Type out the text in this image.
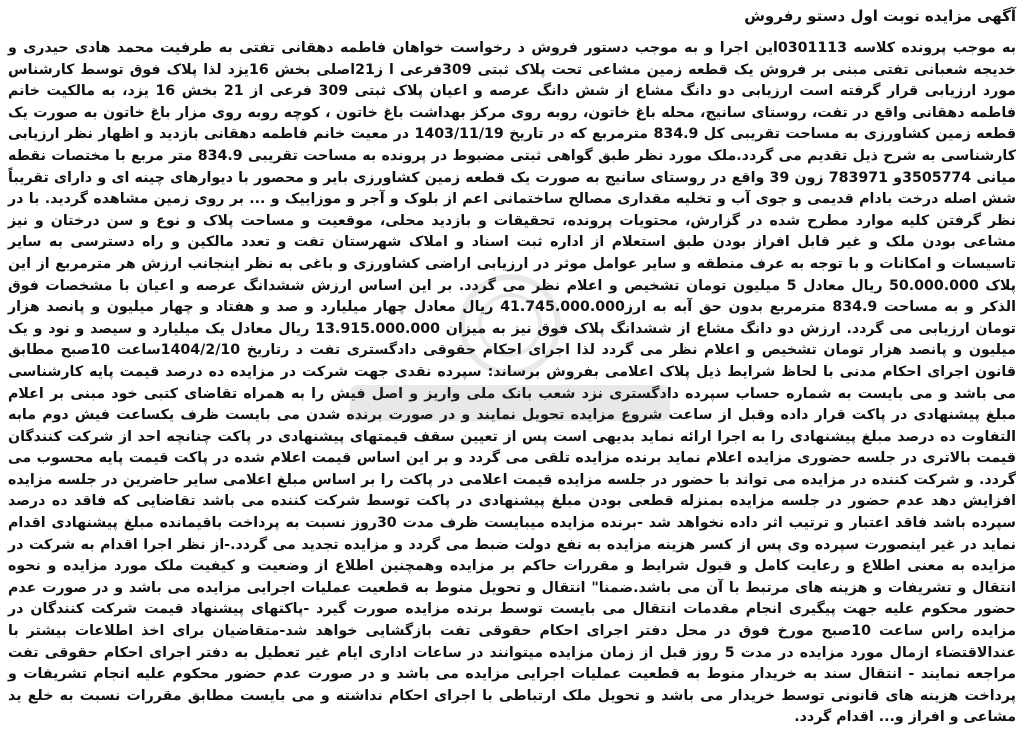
آگهی مزایده نوبت اول دستو رفروش

به موجب پرونده کلاسه 0301113این اجرا و به موجب دستور فروش د رخواست خواهان فاطمه دهقانی تفتی به طرفیت محمد هادی حیدری و خدیجه شعبانی تفتی مبنی بر فروش یک قطعه زمین مشاعی تحت پلاک ثبتی 309فرعی ا ز21اصلی بخش 16یزد لذا پلاک فوق توسط کارشناس مورد ارزیابی قرار گرفته است ارزیابی دو دانگ مشاع از شش دانگ عرصه و اعیان پلاک ثبتی 309 فرعی از 21 بخش 16 یزد، به مالکیت خانم فاطمه دهقانی واقع در تفت، روستای سانیج، محله باغ خاتون، روبه روی مرکز بهداشت باغ خاتون ، کوچه روبه روی مزار باغ خاتون به صورت یک قطعه زمین کشاورزی به مساحت تقریبی کل 834.9 مترمربع که در تاریخ 1403/11/19 در معیت خانم فاطمه دهقانی بازدید و اظهار نظر ارزیابی کارشناسی به شرح ذیل تقدیم می گردد.ملک مورد نظر طبق گواهی ثبتی مضبوط در پرونده به مساحت تقریبی 834.9 متر مربع با مختصات نقطه میانی 3505774و 783971 زون 39 واقع در روستای سانیج به صورت یک قطعه زمین کشاورزی بایر و محصور با دیوارهای چینه ای و دارای تقریباً شش اصله درخت بادام قدیمی و جوی آب و تخلیه مقداری مصالح ساختمانی اعم از بلوک و آجر و موزاییک و ... بر روی زمین مشاهده گردید. با در نظر گرفتن کلیه موارد مطرح شده در گزارش، محتویات پرونده، تحقیقات و بازدید محلی، موقعیت و مساحت پلاک و نوع و سن درختان و نیز مشاعی بودن ملک و غیر قابل افراز بودن طبق استعلام از اداره ثبت اسناد و املاک شهرستان تفت و تعدد مالکین و راه دسترسی به سایر تاسیسات و امکانات و با توجه به عرف منطقه و سایر عوامل موثر در ارزیابی اراضی کشاورزی و باغی به نظر اینجانب ارزش هر مترمربع از این پلاک 50.000.000 ریال معادل 5 میلیون تومان تشخیص و اعلام نظر می گردد. بر این اساس ارزش ششدانگ عرصه و اعیان با مشخصات فوق الذکر و به مساحت 834.9 مترمربع بدون حق آبه به ارز41.745.000.000 ریال معادل چهار میلیارد و صد و هفتاد و چهار میلیون و پانصد هزار تومان ارزیابی می گردد. ارزش دو دانگ مشاع از ششدانگ پلاک فوق نیز به میزان 13.915.000.000 ریال معادل یک میلیارد و سیصد و نود و یک میلیون و پانصد هزار تومان تشخیص و اعلام نظر می گردد لذا اجرای احکام حقوقی دادگستری تفت د رتاریخ 1404/2/10ساعت 10صبح مطابق قانون اجرای احکام مدنی با لحاظ شرایط ذیل پلاک اعلامی بفروش برساند: سپرده نقدی جهت شرکت در مزایده ده درصد قیمت پایه کارشناسی می باشد و می بایست به شماره حساب سپرده دادگستری نزد شعب بانک ملی واریز و اصل فیش را به همراه تقاضای کتبی خود مبنی بر اعلام مبلغ پیشنهادی در پاکت قرار داده وقبل از ساعت شروع مزایده تحویل نمایند و در صورت برنده شدن می بایست ظرف یکساعت فیش دوم مابه التفاوت ده درصد مبلغ پیشنهادی را به اجرا ارائه نماید بدیهی است پس از تعیین سقف قیمتهای پیشنهادی در پاکت چنانچه احد از شرکت کنندگان قیمت بالاتری در جلسه حضوری مزایده اعلام نماید برنده مزایده تلقی می گردد و بر این اساس قیمت اعلام شده در پاکت قیمت پایه محسوب می گردد. و شرکت کننده در مزایده می تواند با حضور در جلسه مزایده قیمت اعلامی در پاکت را بر اساس مبلغ اعلامی سایر حاضرین در جلسه مزایده افزایش دهد عدم حضور در جلسه مزایده بمنزله قطعی بودن مبلغ پیشنهادی در پاکت توسط شرکت کننده می باشد تقاضایی که فاقد ده درصد سپرده باشد فاقد اعتبار و ترتیب اثر داده نخواهد شد -برنده مزایده میبایست ظرف مدت 30روز نسبت به پرداخت باقیمانده مبلغ پیشنهادی اقدام نماید در غیر اینصورت سپرده وی پس از کسر هزینه مزایده به نفع دولت ضبط می گردد و مزایده تجدید می گردد.-از نظر اجرا اقدام به شرکت در مزایده به معنی اطلاع و رعایت کامل و قبول شرایط و مقررات حاکم بر مزایده وهمچنین اطلاع از وضعیت و کیفیت ملک مورد مزایده و نحوه انتقال و تشریفات و هزینه های مرتبط با آن می باشد.ضمنا" انتقال و تحویل منوط به قطعیت عملیات اجرایی مزایده می باشد و در صورت عدم حضور محکوم علیه جهت پیگیری انجام مقدمات انتقال می بایست توسط برنده مزایده صورت گیرد -پاکتهای پیشنهاد قیمت شرکت کنندگان در مزایده راس ساعت 10صبح مورخ فوق در محل دفتر اجرای احکام حقوقی تفت بازگشایی خواهد شد-متقاضیان برای اخذ اطلاعات بیشتر با عندالاقتضاء ازمال مورد مزایده در مدت 5 روز قبل از زمان مزایده میتوانند در ساعات اداری ایام غیر تعطیل به دفتر اجرای احکام حقوقی تفت مراجعه نمایند - انتقال سند به خریدار منوط به قطعیت عملیات اجرایی مزایده می باشد و در صورت عدم حضور محکوم علیه انجام تشریفات و پرداخت هزینه های قانونی توسط خریدار می باشد و تحویل ملک ارتباطی با اجرای احکام نداشته و می بایست مطابق مقررات نسبت به خلع ید مشاعی و افراز و... اقدام گردد.
